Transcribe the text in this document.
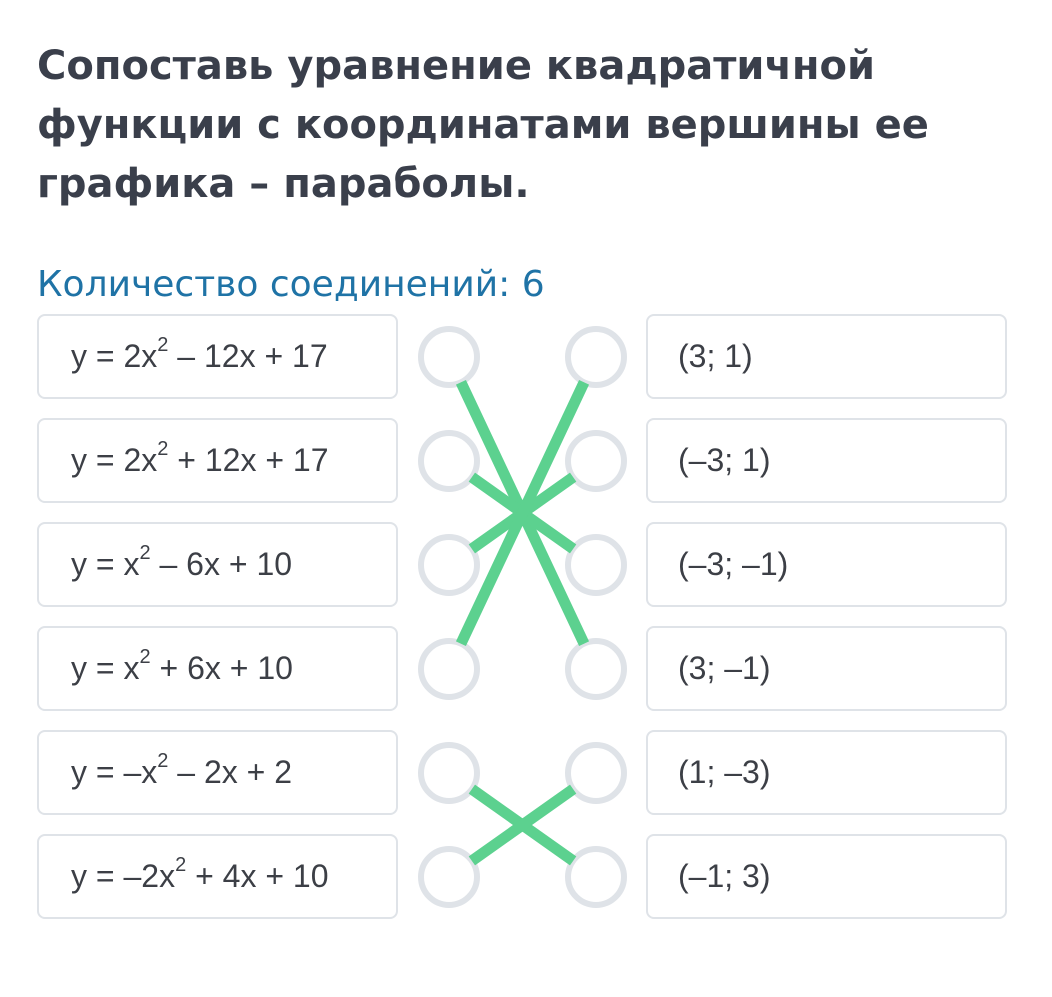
Сопоставь уравнение квадратичной функции с координатами вершины ее графика – параболы.
Количество соединений: 6
$y = 2x^2 - 12x + 17$
$y = 2x^2 + 12x + 17$
$y = x^2 - 6x + 10$
$y = x^2 + 6x + 10$
$y = -x^2 - 2x + 2$
$y = -2x^2 + 4x + 10$
(3; 1)
(–3; 1)
(–3; –1)
(3; –1)
(1; –3)
(–1; 3)
